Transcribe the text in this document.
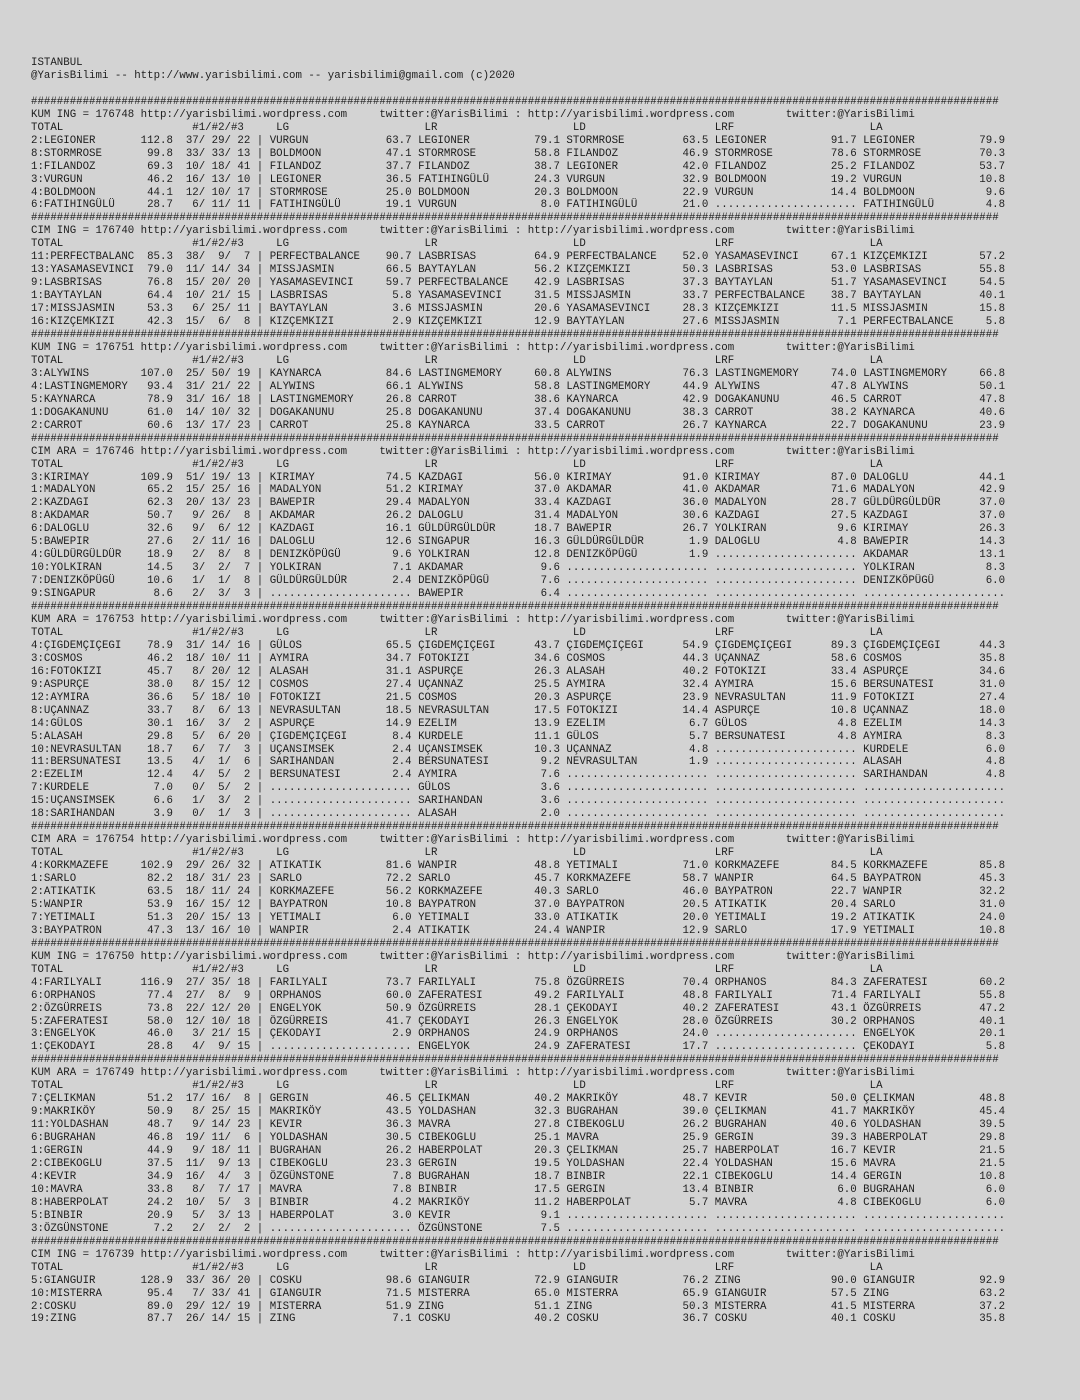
ISTANBUL
@YarisBilimi -- http://www.yarisbilimi.com -- yarisbilimi@gmail.com (c)2020
######################################################################################################################################################
KUM ING = 176748 http://yarisbilimi.wordpress.com	twitter:@YarisBilimi : http://yarisbilimi.wordpress.com	twitter:@YarisBilimi
TOTAL	#1/#2/#3	LG	LR	LD	LRF	LA
2:LEGIONER	112.8	37/ 29/ 22 | VURGUN	63.7 LEGIONER	79.1 STORMROSE	63.5 LEGIONER	91.7 LEGIONER	79.9
8:STORMROSE	99.8	33/ 33/ 13 | BOLDMOON	47.1 STORMROSE	58.8 FILANDOZ	46.9 STORMROSE	78.6 STORMROSE	70.3
1:FILANDOZ	69.3	10/ 18/ 41 | FILANDOZ	37.7 FILANDOZ	38.7 LEGIONER	42.0 FILANDOZ	25.2 FILANDOZ	53.7
3:VURGUN	46.2	16/ 13/ 10 | LEGIONER	36.5 FATIHINGÜLÜ	24.3 VURGUN	32.9 BOLDMOON	19.2 VURGUN	10.8
4:BOLDMOON	44.1	12/ 10/ 17 | STORMROSE	25.0 BOLDMOON	20.3 BOLDMOON	22.9 VURGUN	14.4 BOLDMOON	9.6
6:FATIHINGÜLÜ	28.7	6/ 11/ 11 | FATIHINGÜLÜ	19.1 VURGUN	8.0 FATIHINGÜLÜ	21.0 ...................... FATIHINGÜLÜ	4.8
######################################################################################################################################################
CIM ING = 176740 http://yarisbilimi.wordpress.com	twitter:@YarisBilimi : http://yarisbilimi.wordpress.com	twitter:@YarisBilimi
TOTAL	#1/#2/#3	LG	LR	LD	LRF	LA
11:PERFECTBALANC	85.3	38/  9/  7 | PERFECTBALANCE	90.7 LASBRISAS	64.9 PERFECTBALANCE	52.0 YASAMASEVINCI	67.1 KIZÇEMKIZI	57.2
13:YASAMASEVINCI	79.0	11/ 14/ 34 | MISSJASMIN	66.5 BAYTAYLAN	56.2 KIZÇEMKIZI	50.3 LASBRISAS	53.0 LASBRISAS	55.8
9:LASBRISAS	76.8	15/ 20/ 20 | YASAMASEVINCI	59.7 PERFECTBALANCE	42.9 LASBRISAS	37.3 BAYTAYLAN	51.7 YASAMASEVINCI	54.5
1:BAYTAYLAN	64.4	10/ 21/ 15 | LASBRISAS	5.8 YASAMASEVINCI	31.5 MISSJASMIN	33.7 PERFECTBALANCE	38.7 BAYTAYLAN	40.1
17:MISSJASMIN	53.3	6/ 25/ 11 | BAYTAYLAN	3.6 MISSJASMIN	20.6 YASAMASEVINCI	28.3 KIZÇEMKIZI	11.5 MISSJASMIN	15.8
16:KIZÇEMKIZI	42.3	15/  6/  8 | KIZÇEMKIZI	2.9 KIZÇEMKIZI	12.9 BAYTAYLAN	27.6 MISSJASMIN	7.1 PERFECTBALANCE	5.8
######################################################################################################################################################
KUM ING = 176751 http://yarisbilimi.wordpress.com	twitter:@YarisBilimi : http://yarisbilimi.wordpress.com	twitter:@YarisBilimi
TOTAL	#1/#2/#3	LG	LR	LD	LRF	LA
3:ALYWINS	107.0	25/ 50/ 19 | KAYNARCA	84.6 LASTINGMEMORY	60.8 ALYWINS	76.3 LASTINGMEMORY	74.0 LASTINGMEMORY	66.8
4:LASTINGMEMORY	93.4	31/ 21/ 22 | ALYWINS	66.1 ALYWINS	58.8 LASTINGMEMORY	44.9 ALYWINS	47.8 ALYWINS	50.1
5:KAYNARCA	78.9	31/ 16/ 18 | LASTINGMEMORY	26.8 CARROT	38.6 KAYNARCA	42.9 DOGAKANUNU	46.5 CARROT	47.8
1:DOGAKANUNU	61.0	14/ 10/ 32 | DOGAKANUNU	25.8 DOGAKANUNU	37.4 DOGAKANUNU	38.3 CARROT	38.2 KAYNARCA	40.6
2:CARROT	60.6	13/ 17/ 23 | CARROT	25.8 KAYNARCA	33.5 CARROT	26.7 KAYNARCA	22.7 DOGAKANUNU	23.9
######################################################################################################################################################
CIM ARA = 176746 http://yarisbilimi.wordpress.com	twitter:@YarisBilimi : http://yarisbilimi.wordpress.com	twitter:@YarisBilimi
TOTAL	#1/#2/#3	LG	LR	LD	LRF	LA
3:KIRIMAY	109.9	51/ 19/ 13 | KIRIMAY	74.5 KAZDAGI	56.0 KIRIMAY	91.0 KIRIMAY	87.0 DALOGLU	44.1
1:MADALYON	65.2	15/ 25/ 16 | MADALYON	51.2 KIRIMAY	37.0 AKDAMAR	41.0 AKDAMAR	71.6 MADALYON	42.9
2:KAZDAGI	62.3	20/ 13/ 23 | BAWEPIR	29.4 MADALYON	33.4 KAZDAGI	36.0 MADALYON	28.7 GÜLDÜRGÜLDÜR	37.0
8:AKDAMAR	50.7	9/ 26/  8 | AKDAMAR	26.2 DALOGLU	31.4 MADALYON	30.6 KAZDAGI	27.5 KAZDAGI	37.0
6:DALOGLU	32.6	9/  6/ 12 | KAZDAGI	16.1 GÜLDÜRGÜLDÜR	18.7 BAWEPIR	26.7 YOLKIRAN	9.6 KIRIMAY	26.3
5:BAWEPIR	27.6	2/ 11/ 16 | DALOGLU	12.6 SINGAPUR	16.3 GÜLDÜRGÜLDÜR	1.9 DALOGLU	4.8 BAWEPIR	14.3
4:GÜLDÜRGÜLDÜR	18.9	2/  8/  8 | DENIZKÖPÜGÜ	9.6 YOLKIRAN	12.8 DENIZKÖPÜGÜ	1.9 ...................... AKDAMAR	13.1
10:YOLKIRAN	14.5	3/  2/  7 | YOLKIRAN	7.1 AKDAMAR	9.6 ...................... ...................... YOLKIRAN	8.3
7:DENIZKÖPÜGÜ	10.6	1/  1/  8 | GÜLDÜRGÜLDÜR	2.4 DENIZKÖPÜGÜ	7.6 ...................... ...................... DENIZKÖPÜGÜ	6.0
9:SINGAPUR	8.6	2/  3/  3 | ...................... BAWEPIR	6.4 ...................... ...................... ......................
######################################################################################################################################################
KUM ARA = 176753 http://yarisbilimi.wordpress.com	twitter:@YarisBilimi : http://yarisbilimi.wordpress.com	twitter:@YarisBilimi
TOTAL	#1/#2/#3	LG	LR	LD	LRF	LA
4:ÇIGDEMÇIÇEGI	78.9	31/ 14/ 16 | GÜLOS	65.5 ÇIGDEMÇIÇEGI	43.7 ÇIGDEMÇIÇEGI	54.9 ÇIGDEMÇIÇEGI	89.3 ÇIGDEMÇIÇEGI	44.3
3:COSMOS	46.2	18/ 10/ 11 | AYMIRA	34.7 FOTOKIZI	34.6 COSMOS	44.3 UÇANNAZ	58.6 COSMOS	35.8
16:FOTOKIZI	45.7	8/ 20/ 12 | ALASAH	31.1 ASPURÇE	26.3 ALASAH	40.2 FOTOKIZI	33.4 ASPURÇE	34.6
9:ASPURÇE	38.0	8/ 15/ 12 | COSMOS	27.4 UÇANNAZ	25.5 AYMIRA	32.4 AYMIRA	15.6 BERSUNATESI	31.0
12:AYMIRA	36.6	5/ 18/ 10 | FOTOKIZI	21.5 COSMOS	20.3 ASPURÇE	23.9 NEVRASULTAN	11.9 FOTOKIZI	27.4
8:UÇANNAZ	33.7	8/  6/ 13 | NEVRASULTAN	18.5 NEVRASULTAN	17.5 FOTOKIZI	14.4 ASPURÇE	10.8 UÇANNAZ	18.0
14:GÜLOS	30.1	16/  3/  2 | ASPURÇE	14.9 EZELIM	13.9 EZELIM	6.7 GÜLOS	4.8 EZELIM	14.3
5:ALASAH	29.8	5/  6/ 20 | ÇIGDEMÇIÇEGI	8.4 KURDELE	11.1 GÜLOS	5.7 BERSUNATESI	4.8 AYMIRA	8.3
10:NEVRASULTAN	18.7	6/  7/  3 | UÇANSIMSEK	2.4 UÇANSIMSEK	10.3 UÇANNAZ	4.8 ...................... KURDELE	6.0
11:BERSUNATESI	13.5	4/  1/  6 | SARIHANDAN	2.4 BERSUNATESI	9.2 NEVRASULTAN	1.9 ...................... ALASAH	4.8
2:EZELIM	12.4	4/  5/  2 | BERSUNATESI	2.4 AYMIRA	7.6 ...................... ...................... SARIHANDAN	4.8
7:KURDELE	7.0	0/  5/  2 | ...................... GÜLOS	3.6 ...................... ...................... ......................
15:UÇANSIMSEK	6.6	1/  3/  2 | ...................... SARIHANDAN	3.6 ...................... ...................... ......................
18:SARIHANDAN	3.9	0/  1/  3 | ...................... ALASAH	2.0 ...................... ...................... ......................
######################################################################################################################################################
CIM ARA = 176754 http://yarisbilimi.wordpress.com	twitter:@YarisBilimi : http://yarisbilimi.wordpress.com	twitter:@YarisBilimi
TOTAL	#1/#2/#3	LG	LR	LD	LRF	LA
4:KORKMAZEFE	102.9	29/ 26/ 32 | ATIKATIK	81.6 WANPIR	48.8 YETIMALI	71.0 KORKMAZEFE	84.5 KORKMAZEFE	85.8
1:SARLO	82.2	18/ 31/ 23 | SARLO	72.2 SARLO	45.7 KORKMAZEFE	58.7 WANPIR	64.5 BAYPATRON	45.3
2:ATIKATIK	63.5	18/ 11/ 24 | KORKMAZEFE	56.2 KORKMAZEFE	40.3 SARLO	46.0 BAYPATRON	22.7 WANPIR	32.2
5:WANPIR	53.9	16/ 15/ 12 | BAYPATRON	10.8 BAYPATRON	37.0 BAYPATRON	20.5 ATIKATIK	20.4 SARLO	31.0
7:YETIMALI	51.3	20/ 15/ 13 | YETIMALI	6.0 YETIMALI	33.0 ATIKATIK	20.0 YETIMALI	19.2 ATIKATIK	24.0
3:BAYPATRON	47.3	13/ 16/ 10 | WANPIR	2.4 ATIKATIK	24.4 WANPIR	12.9 SARLO	17.9 YETIMALI	10.8
######################################################################################################################################################
KUM ING = 176750 http://yarisbilimi.wordpress.com	twitter:@YarisBilimi : http://yarisbilimi.wordpress.com	twitter:@YarisBilimi
TOTAL	#1/#2/#3	LG	LR	LD	LRF	LA
4:FARILYALI	116.9	27/ 35/ 18 | FARILYALI	73.7 FARILYALI	75.8 ÖZGÜRREIS	70.4 ORPHANOS	84.3 ZAFERATESI	60.2
6:ORPHANOS	77.4	27/  8/  9 | ORPHANOS	60.0 ZAFERATESI	49.2 FARILYALI	48.8 FARILYALI	71.4 FARILYALI	55.8
2:ÖZGÜRREIS	73.8	22/ 12/ 20 | ENGELYOK	50.9 ÖZGÜRREIS	28.1 ÇEKODAYI	40.2 ZAFERATESI	43.1 ÖZGÜRREIS	47.2
5:ZAFERATESI	58.0	12/ 10/ 18 | ÖZGÜRREIS	41.7 ÇEKODAYI	26.3 ENGELYOK	28.0 ÖZGÜRREIS	30.2 ORPHANOS	40.1
3:ENGELYOK	46.0	3/ 21/ 15 | ÇEKODAYI	2.9 ORPHANOS	24.9 ORPHANOS	24.0 ...................... ENGELYOK	20.1
1:ÇEKODAYI	28.8	4/  9/ 15 | ...................... ENGELYOK	24.9 ZAFERATESI	17.7 ...................... ÇEKODAYI	5.8
######################################################################################################################################################
KUM ARA = 176749 http://yarisbilimi.wordpress.com	twitter:@YarisBilimi : http://yarisbilimi.wordpress.com	twitter:@YarisBilimi
TOTAL	#1/#2/#3	LG	LR	LD	LRF	LA
7:ÇELIKMAN	51.2	17/ 16/  8 | GERGIN	46.5 ÇELIKMAN	40.2 MAKRIKÖY	48.7 KEVIR	50.0 ÇELIKMAN	48.8
9:MAKRIKÖY	50.9	8/ 25/ 15 | MAKRIKÖY	43.5 YOLDASHAN	32.3 BUGRAHAN	39.0 ÇELIKMAN	41.7 MAKRIKÖY	45.4
11:YOLDASHAN	48.7	9/ 14/ 23 | KEVIR	36.3 MAVRA	27.8 CIBEKOGLU	26.2 BUGRAHAN	40.6 YOLDASHAN	39.5
6:BUGRAHAN	46.8	19/ 11/  6 | YOLDASHAN	30.5 CIBEKOGLU	25.1 MAVRA	25.9 GERGIN	39.3 HABERPOLAT	29.8
1:GERGIN	44.9	9/ 18/ 11 | BUGRAHAN	26.2 HABERPOLAT	20.3 ÇELIKMAN	25.7 HABERPOLAT	16.7 KEVIR	21.5
2:CIBEKOGLU	37.5	11/  9/ 13 | CIBEKOGLU	23.3 GERGIN	19.5 YOLDASHAN	22.4 YOLDASHAN	15.6 MAVRA	21.5
4:KEVIR	34.9	16/  4/  3 | ÖZGÜNSTONE	7.8 BUGRAHAN	18.7 BINBIR	22.1 CIBEKOGLU	14.4 GERGIN	10.8
10:MAVRA	33.8	8/  7/ 17 | MAVRA	7.8 BINBIR	17.5 GERGIN	13.4 BINBIR	6.0 BUGRAHAN	6.0
8:HABERPOLAT	24.2	10/  5/  3 | BINBIR	4.2 MAKRIKÖY	11.2 HABERPOLAT	5.7 MAVRA	4.8 CIBEKOGLU	6.0
5:BINBIR	20.9	5/  3/ 13 | HABERPOLAT	3.0 KEVIR	9.1 ...................... ...................... ......................
3:ÖZGÜNSTONE	7.2	2/  2/  2 | ...................... ÖZGÜNSTONE	7.5 ...................... ...................... ......................
######################################################################################################################################################
CIM ING = 176739 http://yarisbilimi.wordpress.com	twitter:@YarisBilimi : http://yarisbilimi.wordpress.com	twitter:@YarisBilimi
TOTAL	#1/#2/#3	LG	LR	LD	LRF	LA
5:GIANGUIR	128.9	33/ 36/ 20 | COSKU	98.6 GIANGUIR	72.9 GIANGUIR	76.2 ZING	90.0 GIANGUIR	92.9
10:MISTERRA	95.4	7/ 33/ 41 | GIANGUIR	71.5 MISTERRA	65.0 MISTERRA	65.9 GIANGUIR	57.5 ZING	63.2
2:COSKU	89.0	29/ 12/ 19 | MISTERRA	51.9 ZING	51.1 ZING	50.3 MISTERRA	41.5 MISTERRA	37.2
19:ZING	87.7	26/ 14/ 15 | ZING	7.1 COSKU	40.2 COSKU	36.7 COSKU	40.1 COSKU	35.8
